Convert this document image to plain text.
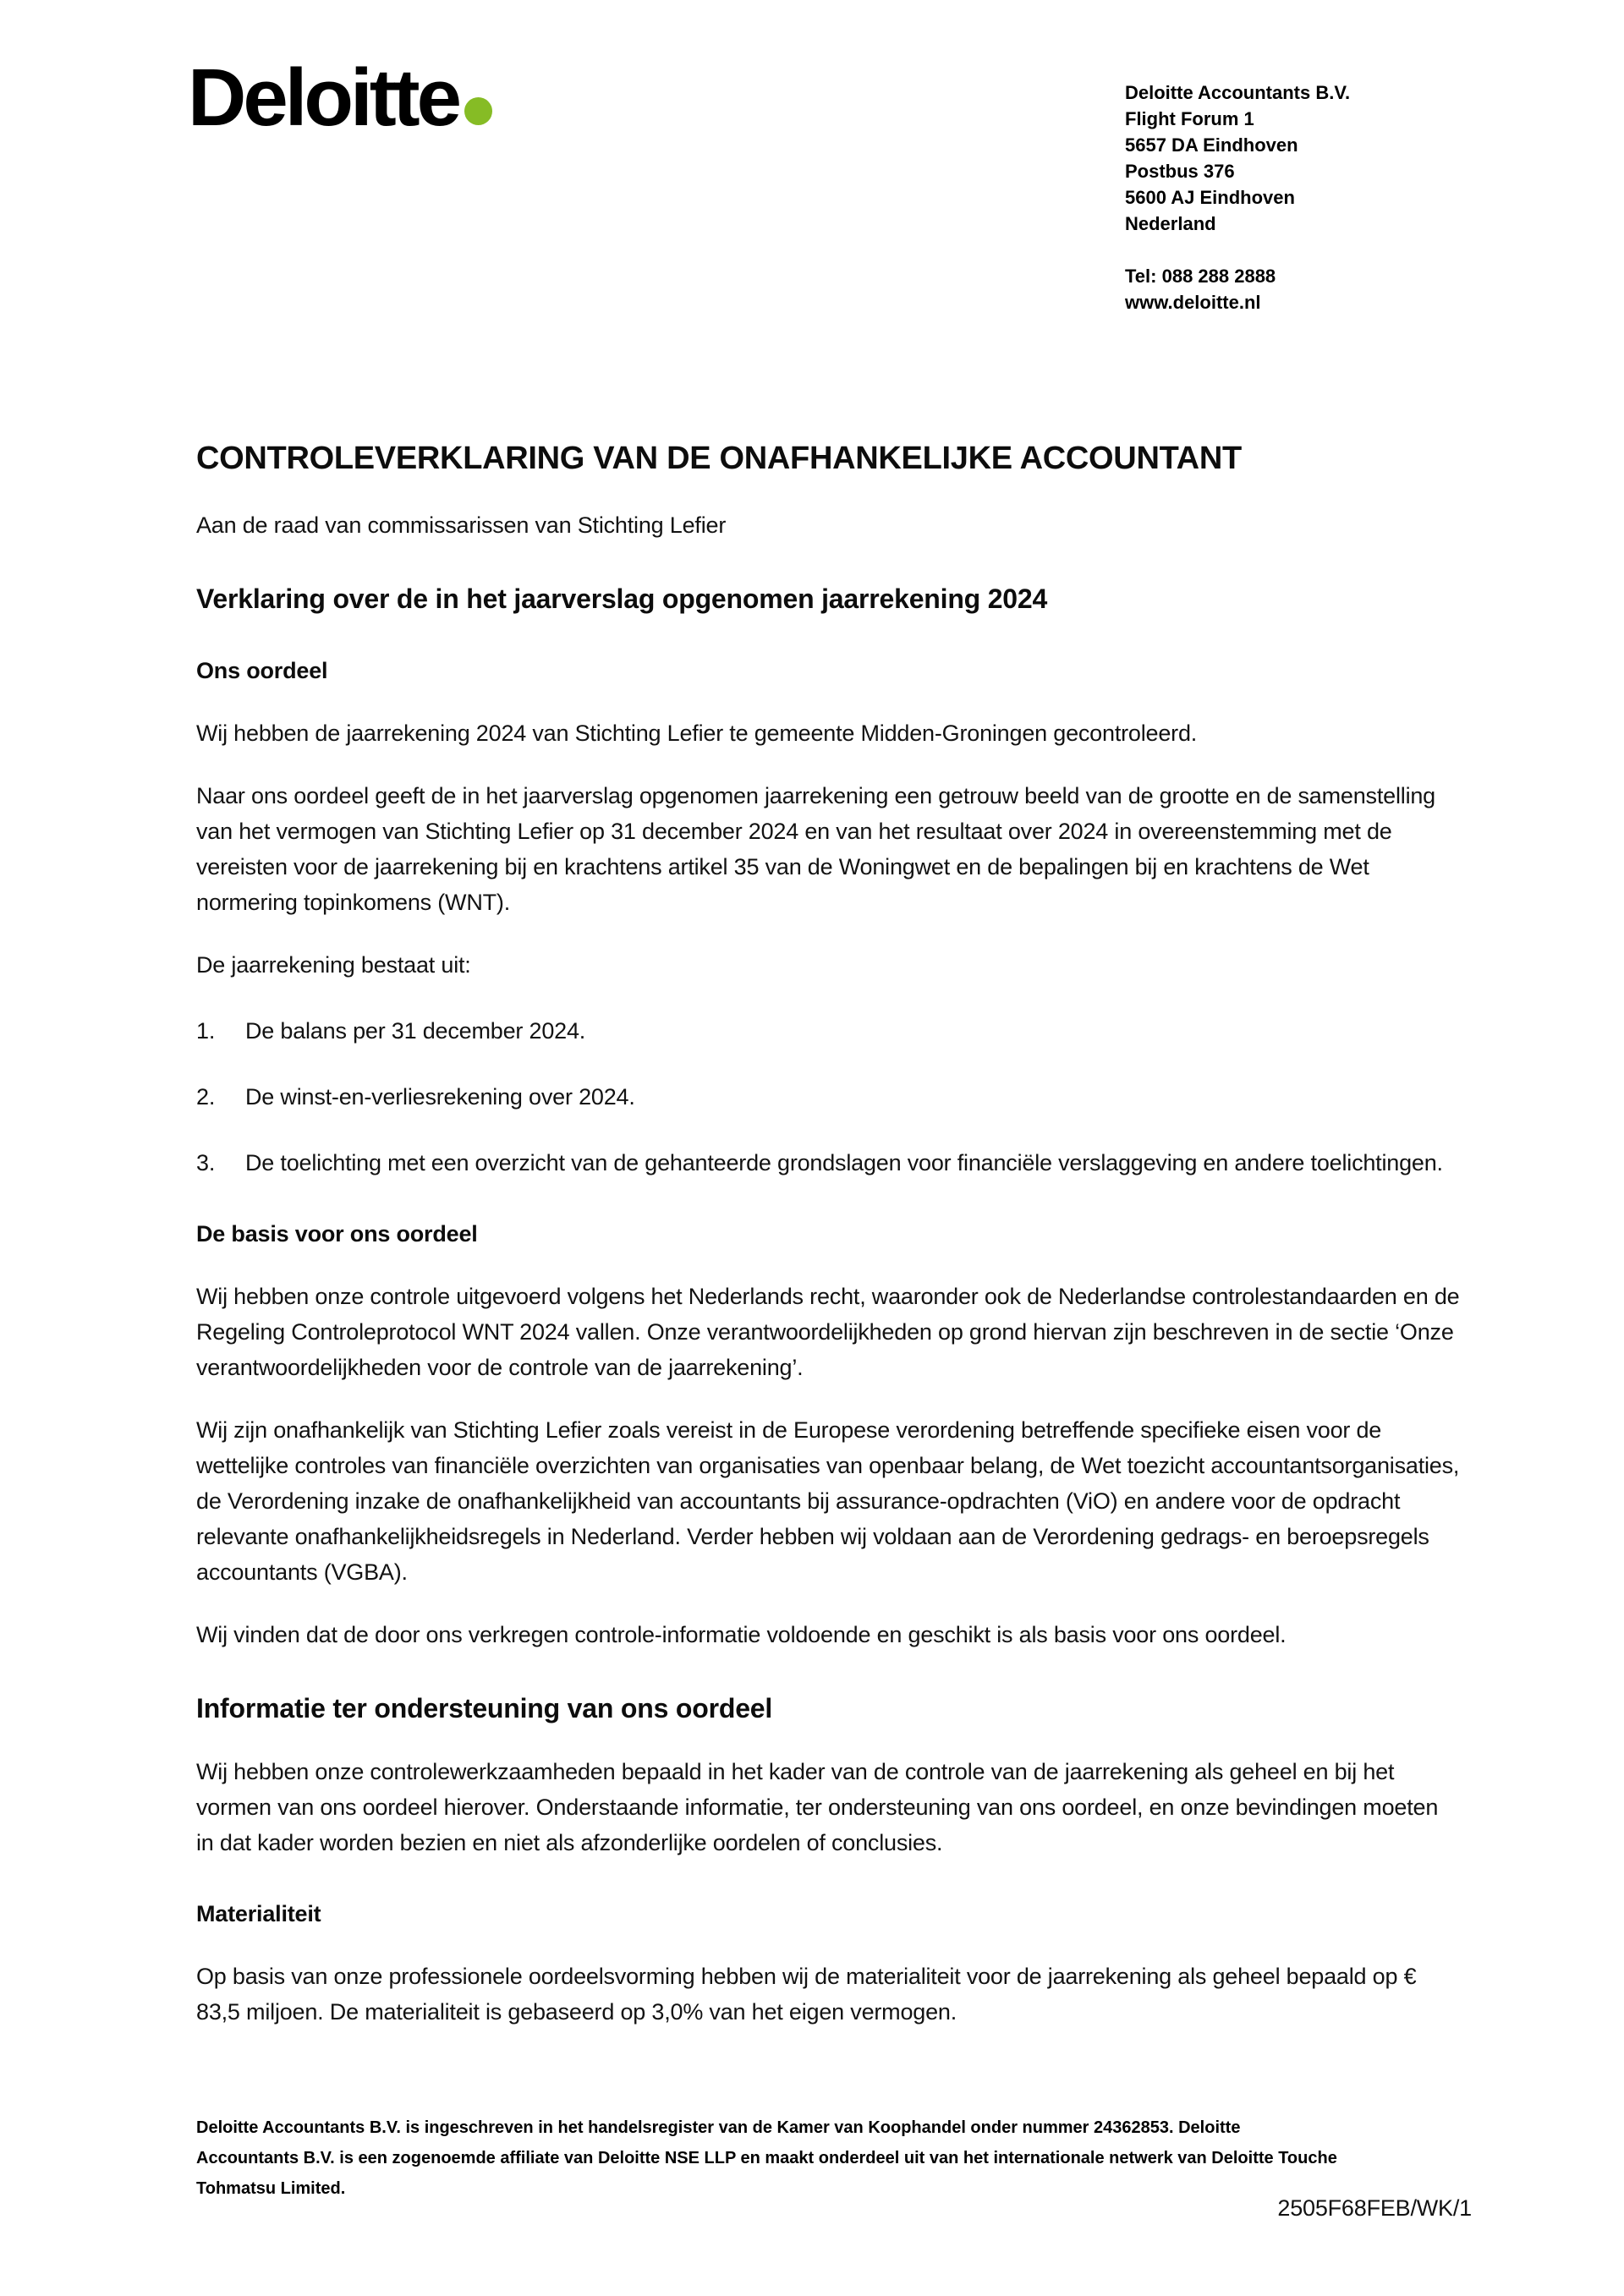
Deloitte	Deloitte Accountants B.V.
Flight Forum 1
5657 DA Eindhoven
Postbus 376
5600 AJ Eindhoven
Nederland
Tel: 088 288 2888
www.deloitte.nl
CONTROLEVERKLARING VAN DE ONAFHANKELIJKE ACCOUNTANT

Aan de raad van commissarissen van Stichting Lefier

Verklaring over de in het jaarverslag opgenomen jaarrekening 2024
Ons oordeel

Wij hebben de jaarrekening 2024 van Stichting Lefier te gemeente Midden-Groningen gecontroleerd.

Naar ons oordeel geeft de in het jaarverslag opgenomen jaarrekening een getrouw beeld van de grootte en de samenstelling van het vermogen van Stichting Lefier op 31 december 2024 en van het resultaat over 2024 in overeenstemming met de vereisten voor de jaarrekening bij en krachtens artikel 35 van de Woningwet en de bepalingen bij en krachtens de Wet normering topinkomens (WNT).

De jaarrekening bestaat uit:

1.	De balans per 31 december 2024.
2.	De winst-en-verliesrekening over 2024.
3.	De toelichting met een overzicht van de gehanteerde grondslagen voor financiële verslaggeving en andere toelichtingen.
De basis voor ons oordeel

Wij hebben onze controle uitgevoerd volgens het Nederlands recht, waaronder ook de Nederlandse controlestandaarden en de Regeling Controleprotocol WNT 2024 vallen. Onze verantwoordelijkheden op grond hiervan zijn beschreven in de sectie ‘Onze verantwoordelijkheden voor de controle van de jaarrekening’.

Wij zijn onafhankelijk van Stichting Lefier zoals vereist in de Europese verordening betreffende specifieke eisen voor de wettelijke controles van financiële overzichten van organisaties van openbaar belang, de Wet toezicht accountantsorganisaties, de Verordening inzake de onafhankelijkheid van accountants bij assurance-opdrachten (ViO) en andere voor de opdracht relevante onafhankelijkheidsregels in Nederland. Verder hebben wij voldaan aan de Verordening gedrags- en beroepsregels accountants (VGBA).

Wij vinden dat de door ons verkregen controle-informatie voldoende en geschikt is als basis voor ons oordeel.

Informatie ter ondersteuning van ons oordeel

Wij hebben onze controlewerkzaamheden bepaald in het kader van de controle van de jaarrekening als geheel en bij het vormen van ons oordeel hierover. Onderstaande informatie, ter ondersteuning van ons oordeel, en onze bevindingen moeten in dat kader worden bezien en niet als afzonderlijke oordelen of conclusies.

Materialiteit

Op basis van onze professionele oordeelsvorming hebben wij de materialiteit voor de jaarrekening als geheel bepaald op € 83,5 miljoen. De materialiteit is gebaseerd op 3,0% van het eigen vermogen.

Deloitte Accountants B.V. is ingeschreven in het handelsregister van de Kamer van Koophandel onder nummer 24362853. Deloitte
Accountants B.V. is een zogenoemde affiliate van Deloitte NSE LLP en maakt onderdeel uit van het internationale netwerk van Deloitte Touche
Tohmatsu Limited.
2505F68FEB/WK/1
